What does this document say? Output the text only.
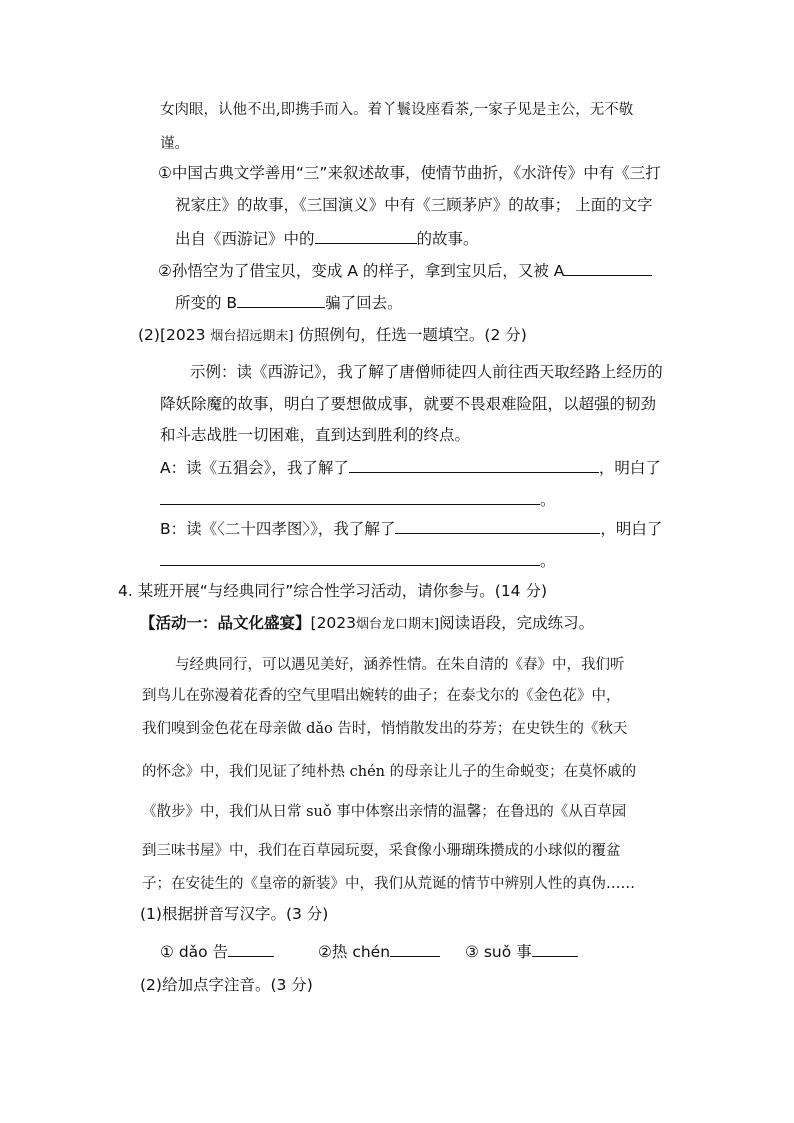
女肉眼，认他不出,即携手而入。着丫鬟设座看茶,一家子见是主公，无不敬
谨。
①中国古典文学善用“三”来叙述故事，使情节曲折，《水浒传》中有《三打
祝家庄》的故事，《三国演义》中有《三顾茅庐》的故事； 上面的文字
出自《西游记》中的	的故事。
②孙悟空为了借宝贝，变成 A 的样子，拿到宝贝后，又被 A
所变的 B	骗了回去。
(2)[2023 烟台招远期末] 仿照例句，任选一题填空。(2 分)
示例：读《西游记》，我了解了唐僧师徒四人前往西天取经路上经历的
降妖除魔的故事，明白了要想做成事，就要不畏艰难险阻，以超强的韧劲
和斗志战胜一切困难，直到达到胜利的终点。
A：读《五猖会》，我了解了	，明白了
。
B：读《〈二十四孝图〉》，我了解了	，明白了
。
4. 某班开展“与经典同行”综合性学习活动，请你参与。(14 分)
【活动一：品文化盛宴】[2023烟台龙口期末]阅读语段，完成练习。
与经典同行，可以遇见美好，涵养性情。在朱自清的《春》中，我们听
到鸟儿在弥漫着花香的空气里唱出婉转的曲子；在泰戈尔的《金色花》中，
我们嗅到金色花在母亲做 dǎo 告时，悄悄散发出的芬芳；在史铁生的《秋天
的怀念》中，我们见证了纯朴热 chén 的母亲让儿子的生命蜕变；在莫怀戚的
《散步》中，我们从日常 suǒ 事中体察出亲情的温馨；在鲁迅的《从百草园
到三味书屋》中，我们在百草园玩耍，采食像小珊瑚珠攒成的小球似的覆盆
子；在安徒生的《皇帝的新装》中，我们从荒诞的情节中辨别人性的真伪……
(1)根据拼音写汉字。(3 分)
① dǎo 告	②热 chén	③ suǒ 事
(2)给加点字注音。(3 分)
